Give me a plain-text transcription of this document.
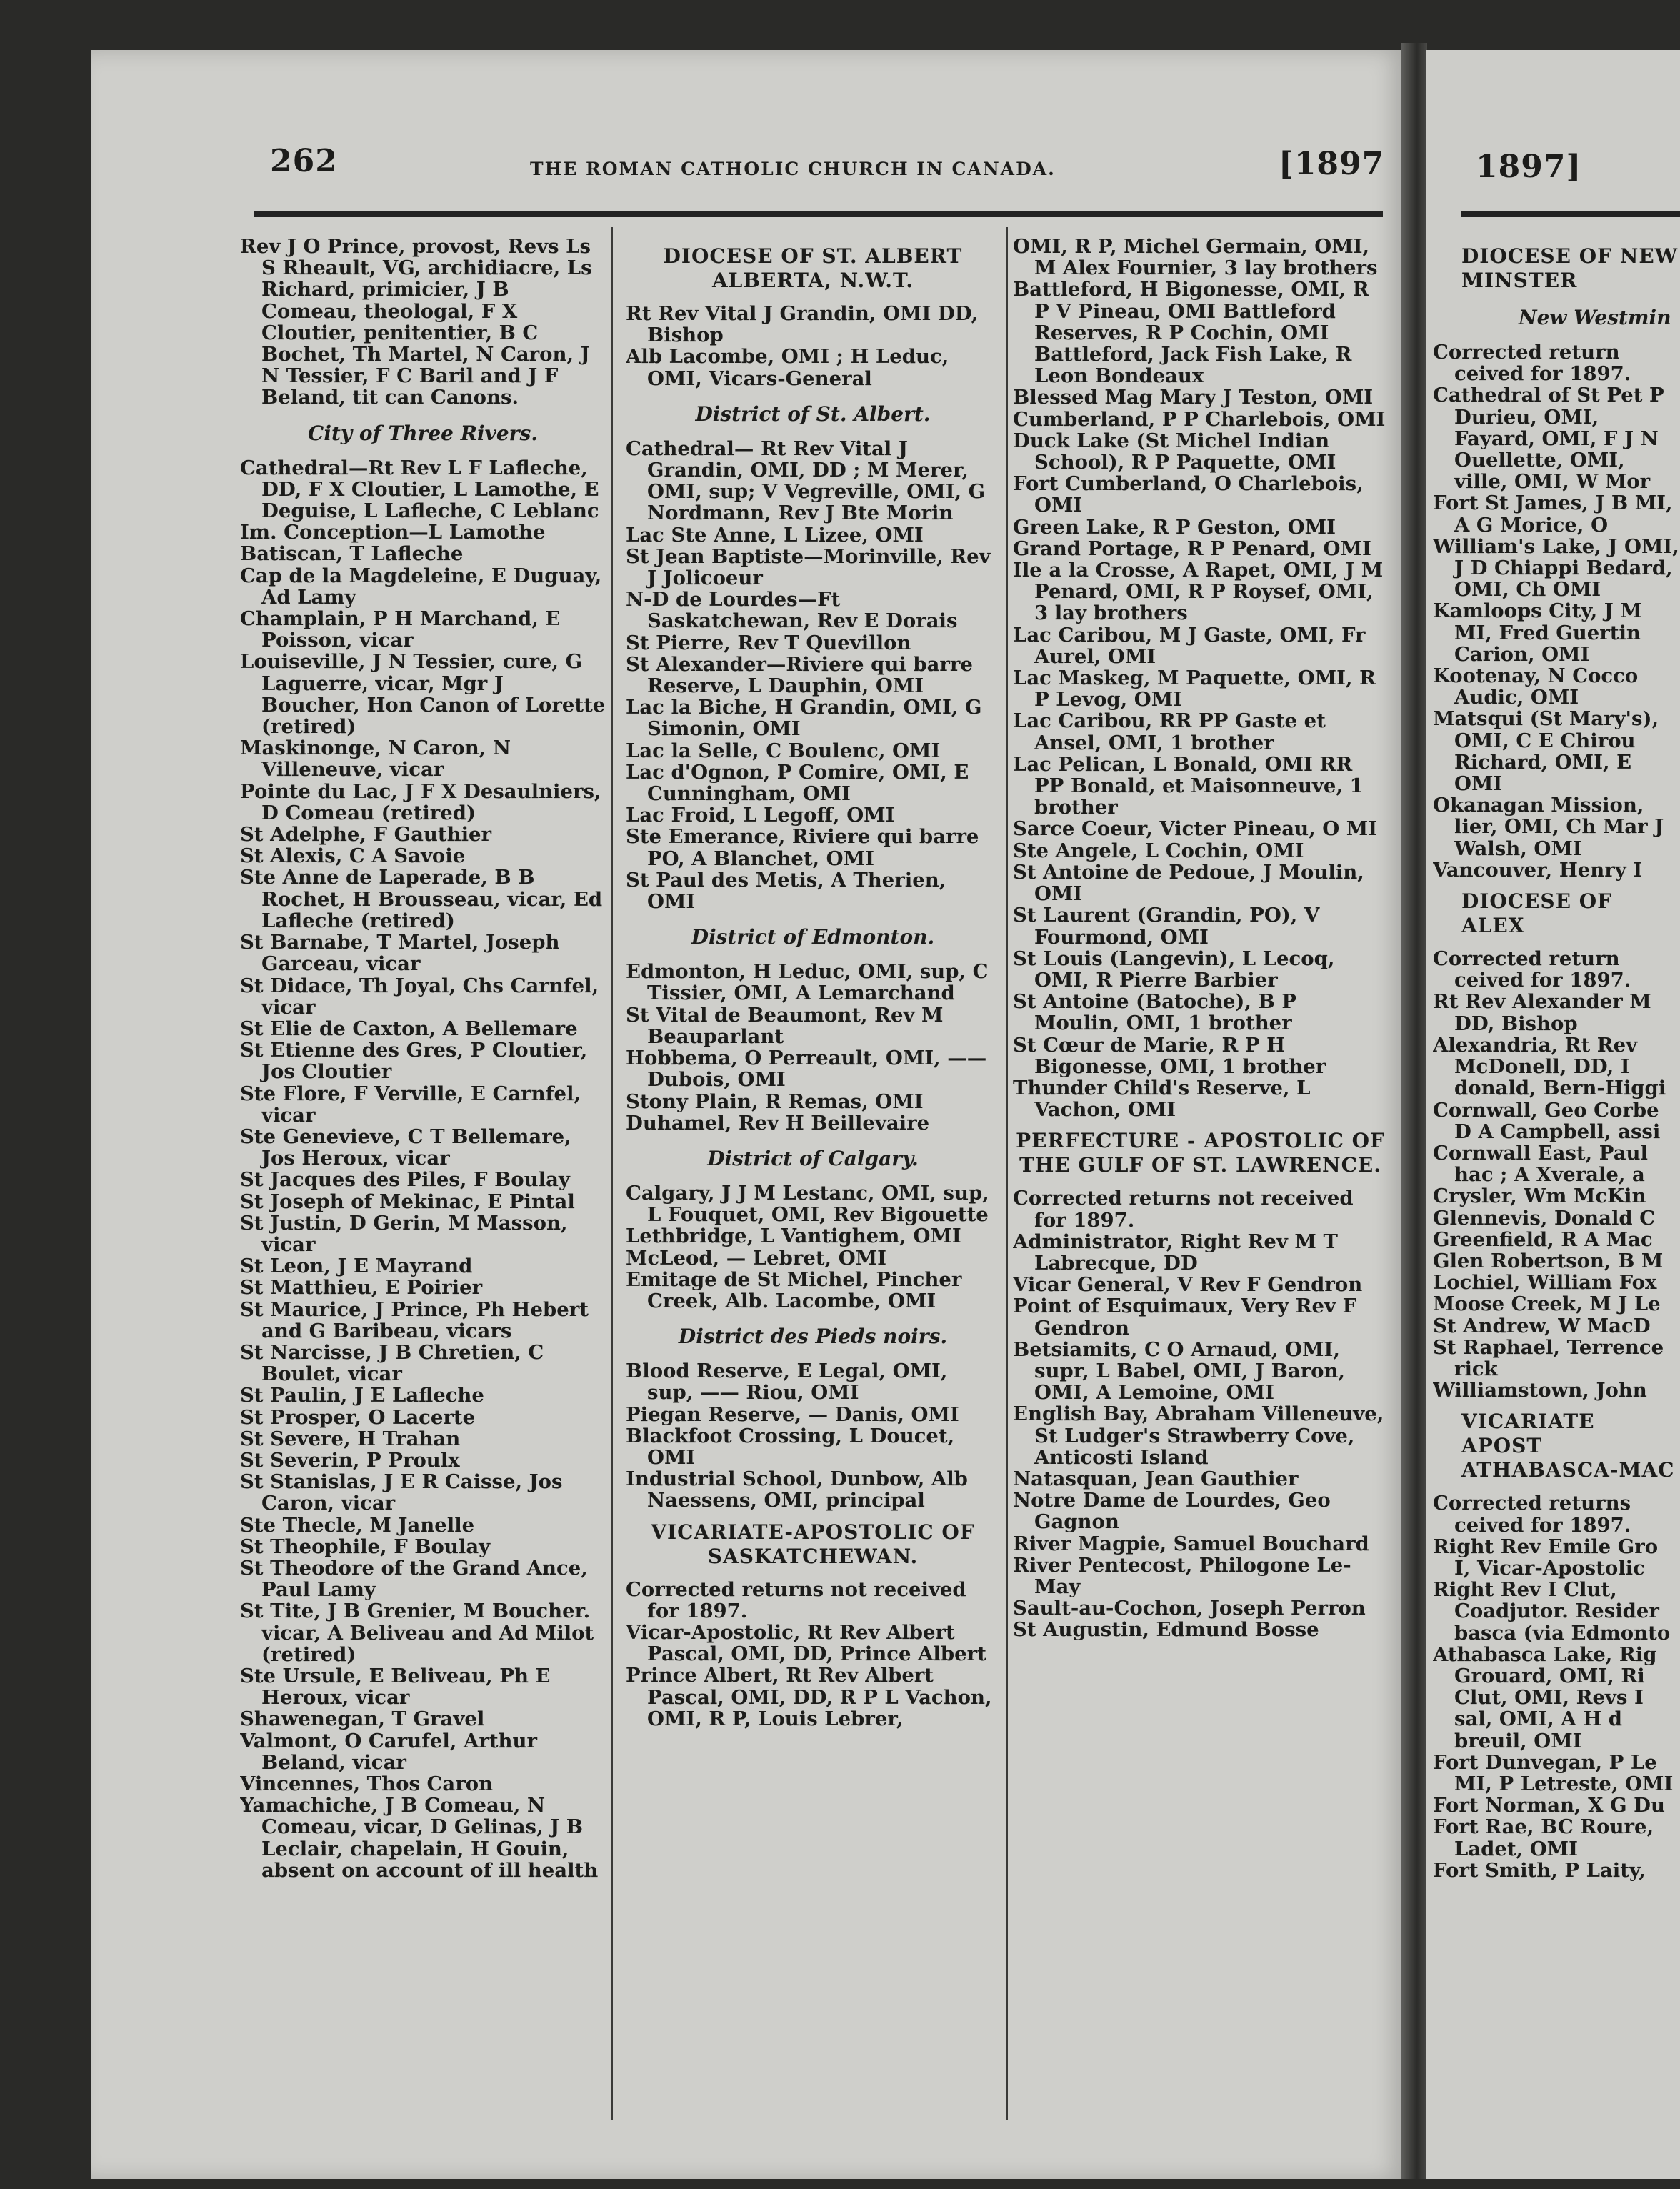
262	THE ROMAN CATHOLIC CHURCH IN CANADA.	[1897	1897]

Rev J O Prince, provost, Revs Ls S Rheault, VG, archidiacre, Ls Richard, primicier, J B Comeau, theologal, F X Cloutier, penitentier, B C Bochet, Th Martel, N Caron, J N Tessier, F C Baril and J F Beland, tit can Canons.

City of Three Rivers.

Cathedral—Rt Rev L F Lafleche, DD, F X Cloutier, L Lamothe, E Deguise, L Lafleche, C Leblanc

Im. Conception—L Lamothe

Batiscan, T Lafleche

Cap de la Magdeleine, E Duguay, Ad Lamy

Champlain, P H Marchand, E Poisson, vicar

Louiseville, J N Tessier, cure, G Laguerre, vicar, Mgr J Boucher, Hon Canon of Lorette (retired)

Maskinonge, N Caron, N Villeneuve, vicar

Pointe du Lac, J F X Desaulniers, D Comeau (retired)

St Adelphe, F Gauthier

St Alexis, C A Savoie

Ste Anne de Laperade, B B Rochet, H Brousseau, vicar, Ed Lafleche (retired)

St Barnabe, T Martel, Joseph Garceau, vicar

St Didace, Th Joyal, Chs Carnfel, vicar

St Elie de Caxton, A Bellemare

St Etienne des Gres, P Cloutier, Jos Cloutier

Ste Flore, F Verville, E Carnfel, vicar

Ste Genevieve, C T Bellemare, Jos Heroux, vicar

St Jacques des Piles, F Boulay

St Joseph of Mekinac, E Pintal

St Justin, D Gerin, M Masson, vicar

St Leon, J E Mayrand

St Matthieu, E Poirier

St Maurice, J Prince, Ph Hebert and G Baribeau, vicars

St Narcisse, J B Chretien, C Boulet, vicar

St Paulin, J E Lafleche

St Prosper, O Lacerte

St Severe, H Trahan

St Severin, P Proulx

St Stanislas, J E R Caisse, Jos Caron, vicar

Ste Thecle, M Janelle

St Theophile, F Boulay

St Theodore of the Grand Ance, Paul Lamy

St Tite, J B Grenier, M Boucher. vicar, A Beliveau and Ad Milot (retired)

Ste Ursule, E Beliveau, Ph E Heroux, vicar

Shawenegan, T Gravel

Valmont, O Carufel, Arthur Beland, vicar

Vincennes, Thos Caron

Yamachiche, J B Comeau, N Comeau, vicar, D Gelinas, J B Leclair, chapelain, H Gouin, absent on account of ill health

DIOCESE OF ST. ALBERT ALBERTA, N.W.T.

Rt Rev Vital J Grandin, OMI DD, Bishop

Alb Lacombe, OMI ; H Leduc, OMI, Vicars-General

District of St. Albert.

Cathedral— Rt Rev Vital J Grandin, OMI, DD ; M Merer, OMI, sup; V Vegreville, OMI, G Nordmann, Rev J Bte Morin

Lac Ste Anne, L Lizee, OMI

St Jean Baptiste—Morinville, Rev J Jolicoeur

N-D de Lourdes—Ft Saskatchewan, Rev E Dorais

St Pierre, Rev T Quevillon

St Alexander—Riviere qui barre Reserve, L Dauphin, OMI

Lac la Biche, H Grandin, OMI, G Simonin, OMI

Lac la Selle, C Boulenc, OMI

Lac d'Ognon, P Comire, OMI, E Cunningham, OMI

Lac Froid, L Legoff, OMI

Ste Emerance, Riviere qui barre PO, A Blanchet, OMI

St Paul des Metis, A Therien, OMI

District of Edmonton.

Edmonton, H Leduc, OMI, sup, C Tissier, OMI, A Lemarchand

St Vital de Beaumont, Rev M Beauparlant

Hobbema, O Perreault, OMI, —— Dubois, OMI

Stony Plain, R Remas, OMI

Duhamel, Rev H Beillevaire

District of Calgary.

Calgary, J J M Lestanc, OMI, sup, L Fouquet, OMI, Rev Bigouette

Lethbridge, L Vantighem, OMI

McLeod, — Lebret, OMI

Emitage de St Michel, Pincher Creek, Alb. Lacombe, OMI

District des Pieds noirs.

Blood Reserve, E Legal, OMI, sup, —— Riou, OMI

Piegan Reserve, — Danis, OMI

Blackfoot Crossing, L Doucet, OMI

Industrial School, Dunbow, Alb Naessens, OMI, principal

VICARIATE-APOSTOLIC OF SASKATCHEWAN.

Corrected returns not received for 1897.

Vicar-Apostolic, Rt Rev Albert Pascal, OMI, DD, Prince Albert

Prince Albert, Rt Rev Albert Pascal, OMI, DD, R P L Vachon, OMI, R P, Louis Lebrer,

OMI, R P, Michel Germain, OMI, M Alex Fournier, 3 lay brothers

Battleford, H Bigonesse, OMI, R P V Pineau, OMI Battleford Reserves, R P Cochin, OMI Battleford, Jack Fish Lake, R Leon Bondeaux

Blessed Mag Mary J Teston, OMI

Cumberland, P P Charlebois, OMI

Duck Lake (St Michel Indian School), R P Paquette, OMI

Fort Cumberland, O Charlebois, OMI

Green Lake, R P Geston, OMI

Grand Portage, R P Penard, OMI

Ile a la Crosse, A Rapet, OMI, J M Penard, OMI, R P Roysef, OMI, 3 lay brothers

Lac Caribou, M J Gaste, OMI, Fr Aurel, OMI

Lac Maskeg, M Paquette, OMI, R P Levog, OMI

Lac Caribou, RR PP Gaste et Ansel, OMI, 1 brother

Lac Pelican, L Bonald, OMI RR PP Bonald, et Maisonneuve, 1 brother

Sarce Coeur, Victer Pineau, O MI

Ste Angele, L Cochin, OMI

St Antoine de Pedoue, J Moulin, OMI

St Laurent (Grandin, PO), V Fourmond, OMI

St Louis (Langevin), L Lecoq, OMI, R Pierre Barbier

St Antoine (Batoche), B P Moulin, OMI, 1 brother

St Cœur de Marie, R P H Bigonesse, OMI, 1 brother

Thunder Child's Reserve, L Vachon, OMI

PERFECTURE - APOSTOLIC OF THE GULF OF ST. LAWRENCE.

Corrected returns not received for 1897.

Administrator, Right Rev M T Labrecque, DD

Vicar General, V Rev F Gendron

Point of Esquimaux, Very Rev F Gendron

Betsiamits, C O Arnaud, OMI, supr, L Babel, OMI, J Baron, OMI, A Lemoine, OMI

English Bay, Abraham Villeneuve, St Ludger's Strawberry Cove, Anticosti Island

Natasquan, Jean Gauthier

Notre Dame de Lourdes, Geo Gagnon

River Magpie, Samuel Bouchard

River Pentecost, Philogone Le-May

Sault-au-Cochon, Joseph Perron

St Augustin, Edmund Bosse

DIOCESE OF NEW MINSTER

New Westmin

Corrected return ceived for 1897.

Cathedral of St Pet P Durieu, OMI, Fayard, OMI, F J N Ouellette, OMI, ville, OMI, W Mor

Fort St James, J B MI, A G Morice, O

William's Lake, J OMI, J D Chiappi Bedard, OMI, Ch OMI

Kamloops City, J M MI, Fred Guertin Carion, OMI

Kootenay, N Cocco Audic, OMI

Matsqui (St Mary's), OMI, C E Chirou Richard, OMI, E OMI

Okanagan Mission, lier, OMI, Ch Mar J Walsh, OMI

Vancouver, Henry I

DIOCESE OF ALEX

Corrected return ceived for 1897.

Rt Rev Alexander M DD, Bishop

Alexandria, Rt Rev McDonell, DD, I donald, Bern-Higgi

Cornwall, Geo Corbe D A Campbell, assi

Cornwall East, Paul hac ; A Xverale, a

Crysler, Wm McKin

Glennevis, Donald C

Greenfield, R A Mac

Glen Robertson, B M

Lochiel, William Fox

Moose Creek, M J Le

St Andrew, W MacD

St Raphael, Terrence rick

Williamstown, John

VICARIATE APOST ATHABASCA-MAC

Corrected returns ceived for 1897.

Right Rev Emile Gro I, Vicar-Apostolic

Right Rev I Clut, Coadjutor. Resider basca (via Edmonto

Athabasca Lake, Rig Grouard, OMI, Ri Clut, OMI, Revs I sal, OMI, A H d breuil, OMI

Fort Dunvegan, P Le MI, P Letreste, OMI

Fort Norman, X G Du

Fort Rae, BC Roure, Ladet, OMI

Fort Smith, P Laity,
